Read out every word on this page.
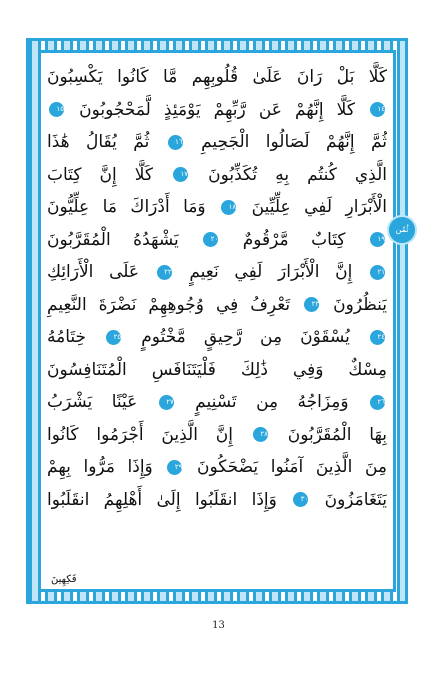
كَلَّا بَلْ رَانَ عَلَىٰ قُلُوبِهِم مَّا كَانُوا يَكْسِبُونَ
١٤ كَلَّا إِنَّهُمْ عَن رَّبِّهِمْ يَوْمَئِذٍ لَّمَحْجُوبُونَ ١٥
ثُمَّ إِنَّهُمْ لَصَالُوا الْجَحِيمِ ١٦ ثُمَّ يُقَالُ هَٰذَا
الَّذِي كُنتُم بِهِ تُكَذِّبُونَ ١٧ كَلَّا إِنَّ كِتَابَ
الْأَبْرَارِ لَفِي عِلِّيِّينَ ١٨ وَمَا أَدْرَاكَ مَا عِلِّيُّونَ
١٩ كِتَابٌ مَّرْقُومٌ ٢٠ يَشْهَدُهُ الْمُقَرَّبُونَ
٢١ إِنَّ الْأَبْرَارَ لَفِي نَعِيمٍ ٢٢ عَلَى الْأَرَائِكِ
يَنظُرُونَ ٢٣ تَعْرِفُ فِي وُجُوهِهِمْ نَضْرَةَ النَّعِيمِ
٢٤ يُسْقَوْنَ مِن رَّحِيقٍ مَّخْتُومٍ ٢٥ خِتَامُهُ
مِسْكٌ وَفِي ذَٰلِكَ فَلْيَتَنَافَسِ الْمُتَنَافِسُونَ
٢٦ وَمِزَاجُهُ مِن تَسْنِيمٍ ٢٧ عَيْنًا يَشْرَبُ
بِهَا الْمُقَرَّبُونَ ٢٨ إِنَّ الَّذِينَ أَجْرَمُوا كَانُوا
مِنَ الَّذِينَ آمَنُوا يَضْحَكُونَ ٢٩ وَإِذَا مَرُّوا بِهِمْ
يَتَغَامَزُونَ ٣٠ وَإِذَا انقَلَبُوا إِلَىٰ أَهْلِهِمُ انقَلَبُوا
ثُمُن
فَكِهِينَ
13
